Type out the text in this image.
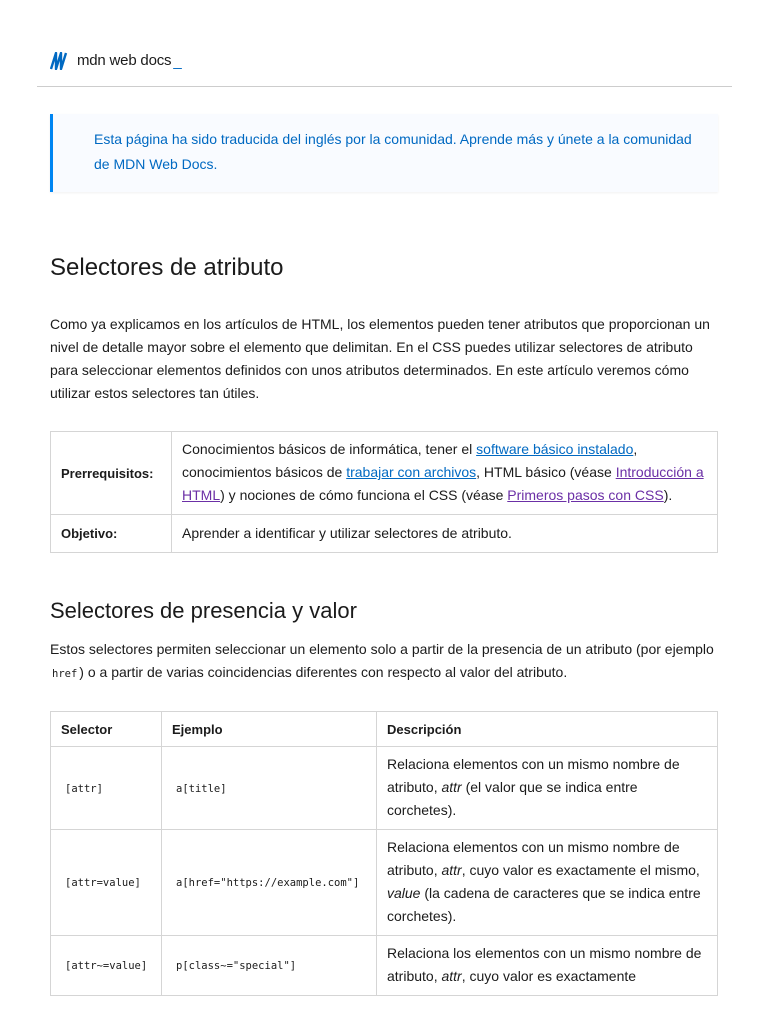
mdn web docs _

Esta página ha sido traducida del inglés por la comunidad. Aprende más y únete a la comunidad de MDN Web Docs.

Selectores de atributo

Como ya explicamos en los artículos de HTML, los elementos pueden tener atributos que proporcionan un nivel de detalle mayor sobre el elemento que delimitan. En el CSS puedes utilizar selectores de atributo para seleccionar elementos definidos con unos atributos determinados. En este artículo veremos cómo utilizar estos selectores tan útiles.

Prerrequisitos:	Conocimientos básicos de informática, tener el software básico instalado, conocimientos básicos de trabajar con archivos, HTML básico (véase Introducción a HTML) y nociones de cómo funciona el CSS (véase Primeros pasos con CSS).
Objetivo:	Aprender a identificar y utilizar selectores de atributo.
Selectores de presencia y valor

Estos selectores permiten seleccionar un elemento solo a partir de la presencia de un atributo (por ejemplo href ) o a partir de varias coincidencias diferentes con respecto al valor del atributo.

Selector	Ejemplo	Descripción
[attr]	a[title]	Relaciona elementos con un mismo nombre de atributo, attr (el valor que se indica entre corchetes).
[attr=value]	a[href="https://example.com"]	Relaciona elementos con un mismo nombre de atributo, attr, cuyo valor es exactamente el mismo, value (la cadena de caracteres que se indica entre corchetes).
[attr~=value]	p[class~="special"]	Relaciona los elementos con un mismo nombre de atributo, attr, cuyo valor es exactamente
